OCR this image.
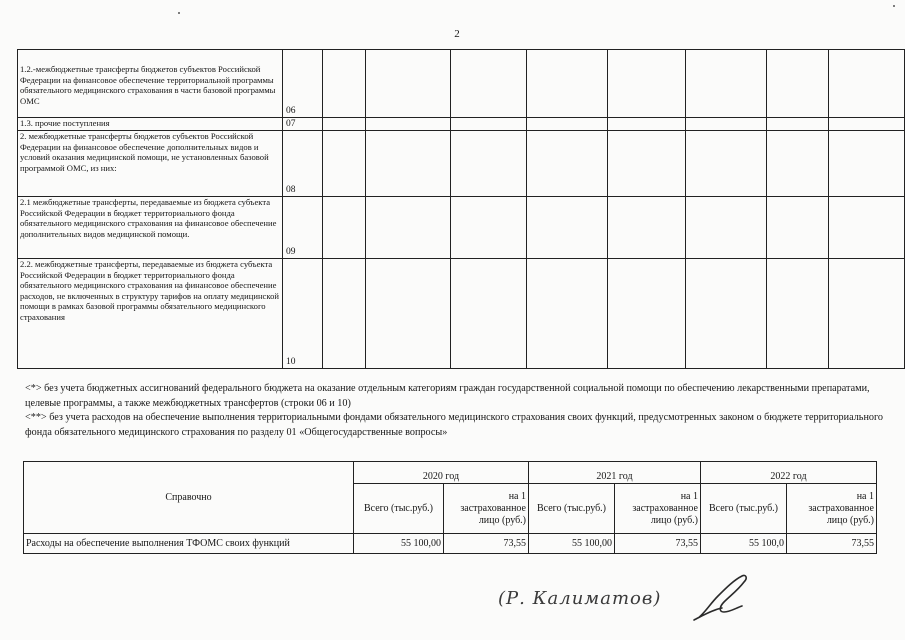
2
1.2.-межбюджетные трансферты бюджетов субъектов Российской Федерации на финансовое обеспечение территориальной программы обязательного медицинского страхования в части базовой программы ОМС	06								
1.3. прочие поступления	07								
2. межбюджетные трансферты бюджетов субъектов Российской Федерации на финансовое обеспечение дополнительных видов и условий оказания медицинской помощи, не установленных базовой программой ОМС, из них:	08								
2.1 межбюджетные трансферты, передаваемые из бюджета субъекта Российской Федерации в бюджет территориального фонда обязательного медицинского страхования на финансовое обеспечение дополнительных видов медицинской помощи.	09								
2.2. межбюджетные трансферты, передаваемые из бюджета субъекта Российской Федерации в бюджет территориального фонда обязательного медицинского страхования на финансовое обеспечение расходов, не включенных в структуру тарифов на оплату медицинской помощи в рамках базовой программы обязательного медицинского страхования	10								

<*> без учета бюджетных ассигнований федерального бюджета на оказание отдельным категориям граждан государственной социальной помощи по обеспечению лекарственными препаратами, целевые программы, а также межбюджетных трансфертов (строки 06 и 10)

<**> без учета расходов на обеспечение выполнения территориальными фондами обязательного медицинского страхования своих функций, предусмотренных законом о бюджете территориального фонда обязательного медицинского страхования по разделу 01 «Общегосударственные вопросы»

Справочно	2020 год		2021 год		2022 год	
	Всего (тыс.руб.)	на 1 застрахованное лицо (руб.)	Всего (тыс.руб.)	на 1 застрахованное лицо (руб.)	Всего (тыс.руб.)	на 1 застрахованное лицо (руб.)
Расходы на обеспечение выполнения ТФОМС своих функций	55 100,00	73,55	55 100,00	73,55	55 100,0	73,55
(Р. Калиматов)
